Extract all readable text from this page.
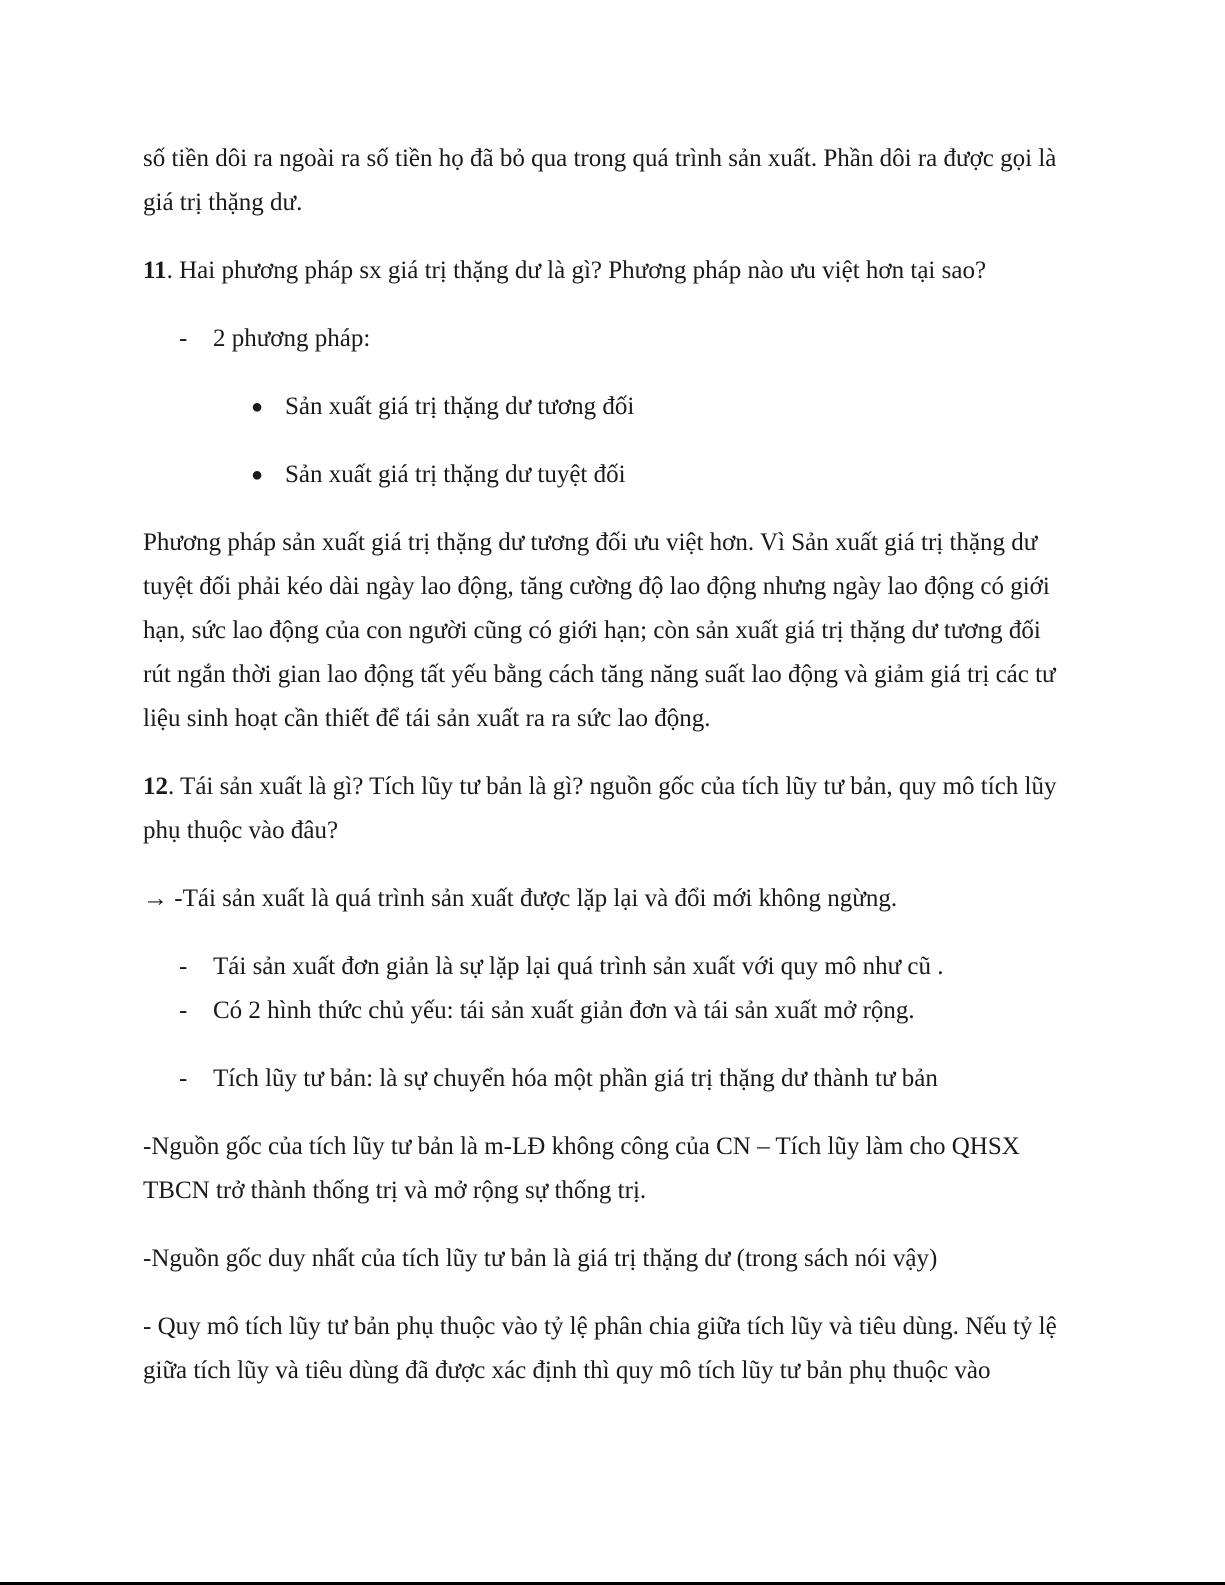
số tiền dôi ra ngoài ra số tiền họ đã bỏ qua trong quá trình sản xuất. Phần dôi ra được gọi là giá trị thặng dư.

11. Hai phương pháp sx giá trị thặng dư là gì? Phương pháp nào ưu việt hơn tại sao?

- 2 phương pháp:

● Sản xuất giá trị thặng dư tương đối

● Sản xuất giá trị thặng dư tuyệt đối

Phương pháp sản xuất giá trị thặng dư tương đối ưu việt hơn. Vì Sản xuất giá trị thặng dư tuyệt đối phải kéo dài ngày lao động, tăng cường độ lao động nhưng ngày lao động có giới hạn, sức lao động của con người cũng có giới hạn; còn sản xuất giá trị thặng dư tương đối rút ngắn thời gian lao động tất yếu bằng cách tăng năng suất lao động và giảm giá trị các tư liệu sinh hoạt cần thiết để tái sản xuất ra ra sức lao động.

12. Tái sản xuất là gì? Tích lũy tư bản là gì? nguồn gốc của tích lũy tư bản, quy mô tích lũy phụ thuộc vào đâu?

→ -Tái sản xuất là quá trình sản xuất được lặp lại và đổi mới không ngừng.

- Tái sản xuất đơn giản là sự lặp lại quá trình sản xuất với quy mô như cũ .

- Có 2 hình thức chủ yếu: tái sản xuất giản đơn và tái sản xuất mở rộng.

- Tích lũy tư bản: là sự chuyển hóa một phần giá trị thặng dư thành tư bản

-Nguồn gốc của tích lũy tư bản là m-LĐ không công của CN – Tích lũy làm cho QHSX TBCN trở thành thống trị và mở rộng sự thống trị.

-Nguồn gốc duy nhất của tích lũy tư bản là giá trị thặng dư (trong sách nói vậy)

- Quy mô tích lũy tư bản phụ thuộc vào tỷ lệ phân chia giữa tích lũy và tiêu dùng. Nếu tỷ lệ giữa tích lũy và tiêu dùng đã được xác định thì quy mô tích lũy tư bản phụ thuộc vào
